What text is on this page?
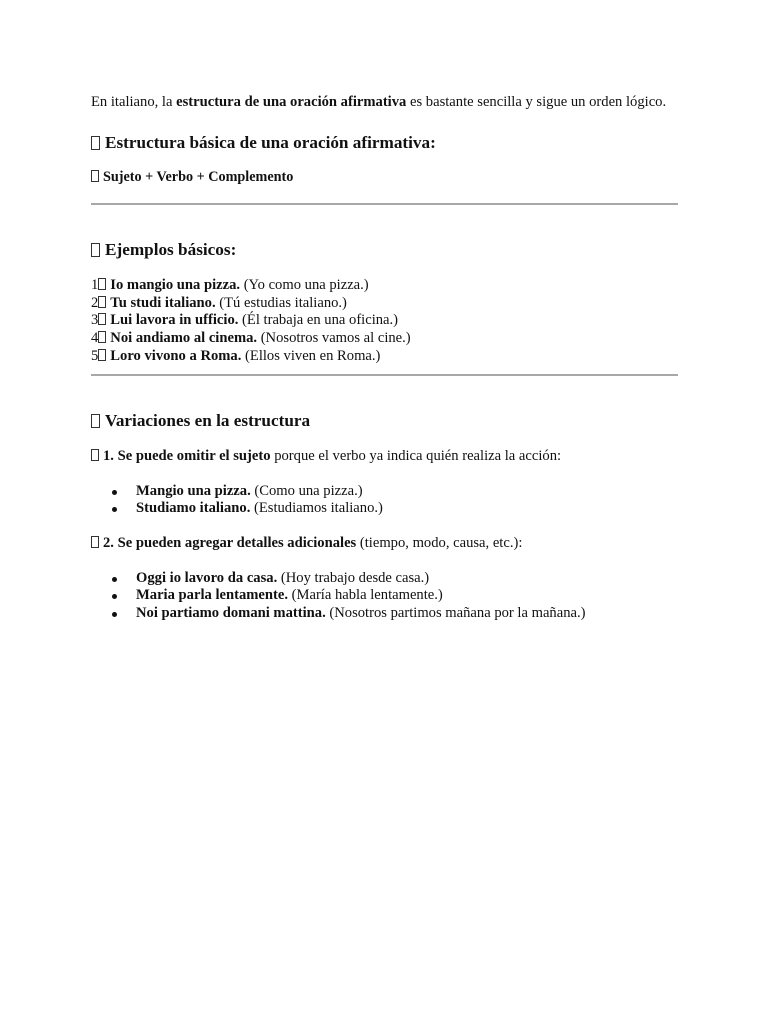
En italiano, la estructura de una oración afirmativa es bastante sencilla y sigue un orden lógico.

Estructura básica de una oración afirmativa:

Sujeto + Verbo + Complemento

Ejemplos básicos:
1 Io mangio una pizza. (Yo como una pizza.)
2 Tu studi italiano. (Tú estudias italiano.)
3 Lui lavora in ufficio. (Él trabaja en una oficina.)
4 Noi andiamo al cinema. (Nosotros vamos al cine.)
5 Loro vivono a Roma. (Ellos viven en Roma.)
Variaciones en la estructura

1. Se puede omitir el sujeto porque el verbo ya indica quién realiza la acción:

Mangio una pizza. (Como una pizza.)
Studiamo italiano. (Estudiamos italiano.)

2. Se pueden agregar detalles adicionales (tiempo, modo, causa, etc.):

Oggi io lavoro da casa. (Hoy trabajo desde casa.)
Maria parla lentamente. (María habla lentamente.)
Noi partiamo domani mattina. (Nosotros partimos mañana por la mañana.)
